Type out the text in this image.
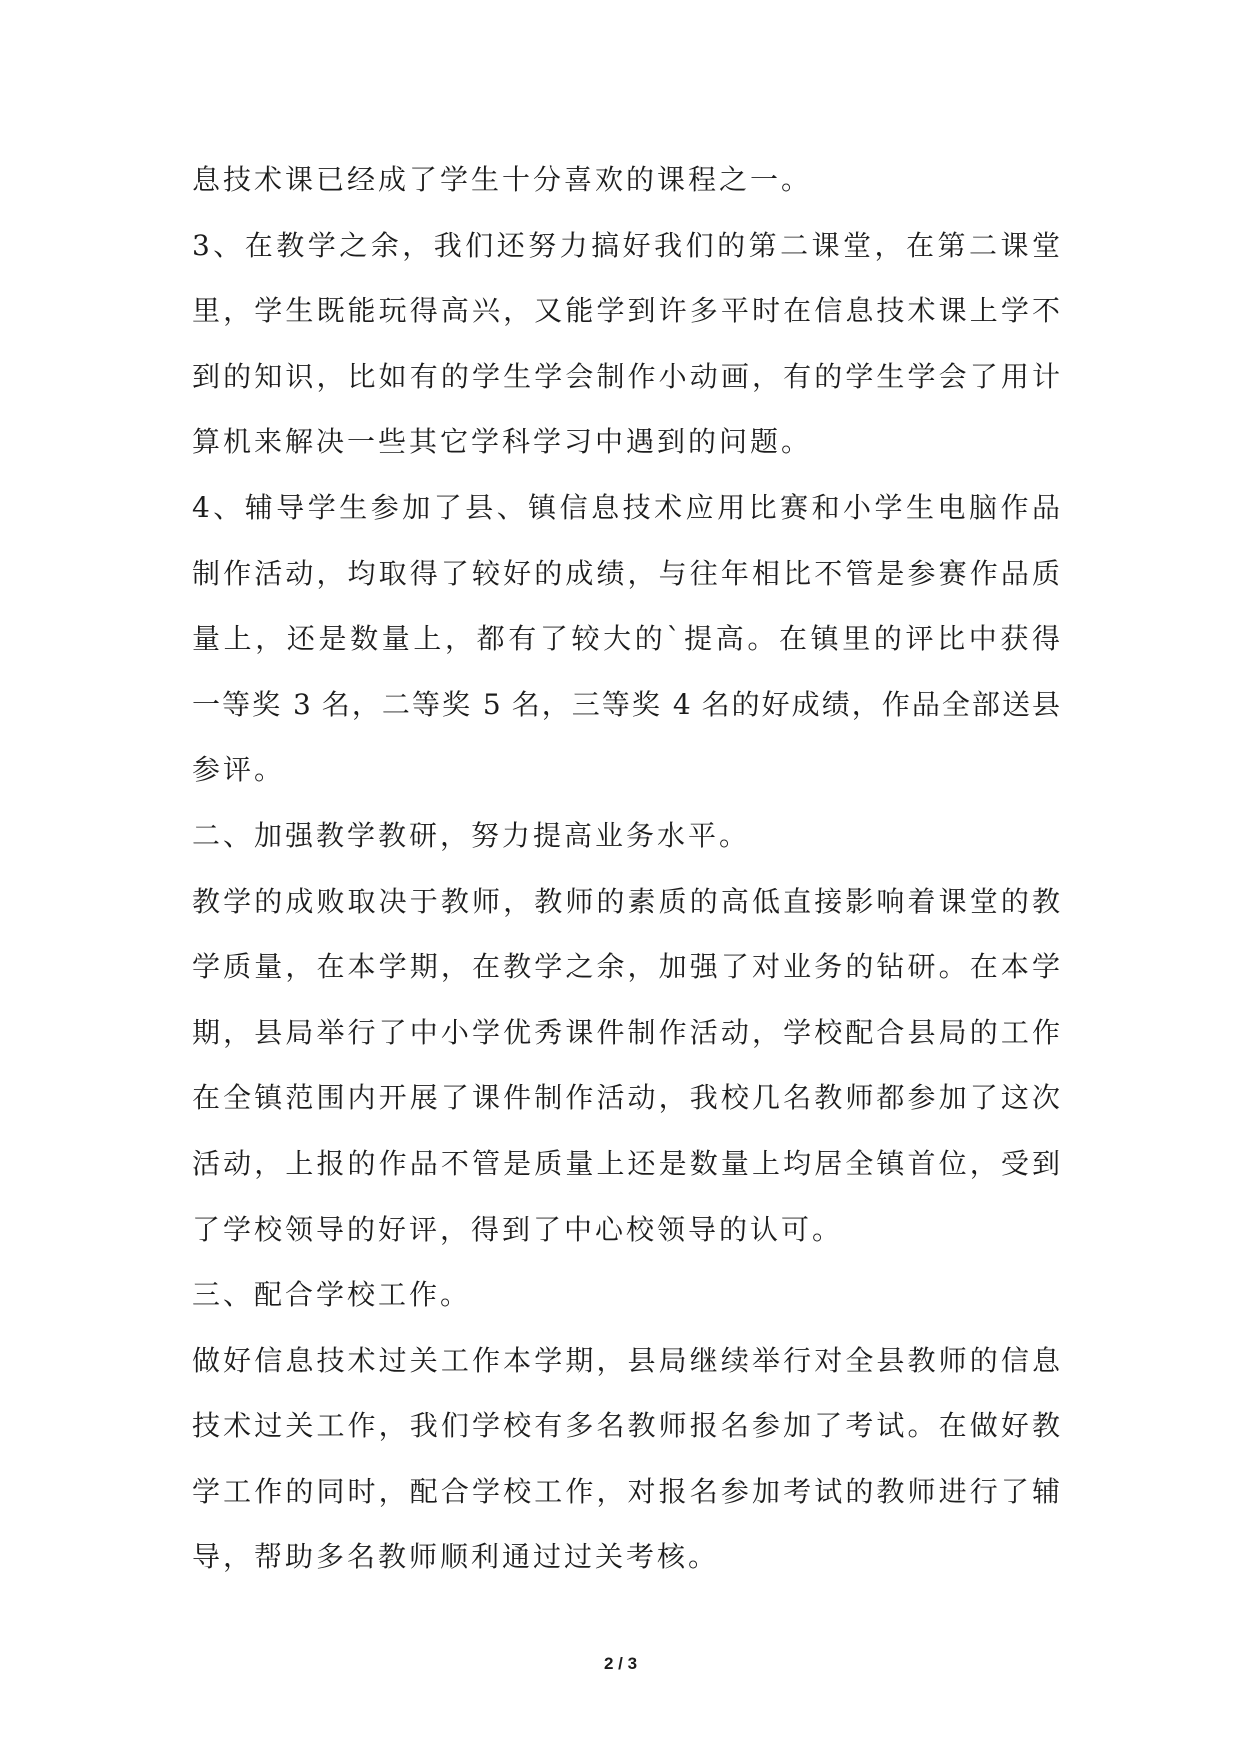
息技术课已经成了学生十分喜欢的课程之一。
3、在教学之余，我们还努力搞好我们的第二课堂，在第二课堂
里，学生既能玩得高兴，又能学到许多平时在信息技术课上学不
到的知识，比如有的学生学会制作小动画，有的学生学会了用计
算机来解决一些其它学科学习中遇到的问题。
4、辅导学生参加了县、镇信息技术应用比赛和小学生电脑作品
制作活动，均取得了较好的成绩，与往年相比不管是参赛作品质
量上，还是数量上，都有了较大的`提高。在镇里的评比中获得
一等奖 3 名，二等奖 5 名，三等奖 4 名的好成绩，作品全部送县
参评。
二、加强教学教研，努力提高业务水平。
教学的成败取决于教师，教师的素质的高低直接影响着课堂的教
学质量，在本学期，在教学之余，加强了对业务的钻研。在本学
期，县局举行了中小学优秀课件制作活动，学校配合县局的工作
在全镇范围内开展了课件制作活动，我校几名教师都参加了这次
活动，上报的作品不管是质量上还是数量上均居全镇首位，受到
了学校领导的好评，得到了中心校领导的认可。
三、配合学校工作。
做好信息技术过关工作本学期，县局继续举行对全县教师的信息
技术过关工作，我们学校有多名教师报名参加了考试。在做好教
学工作的同时，配合学校工作，对报名参加考试的教师进行了辅
导，帮助多名教师顺利通过过关考核。
2 / 3
